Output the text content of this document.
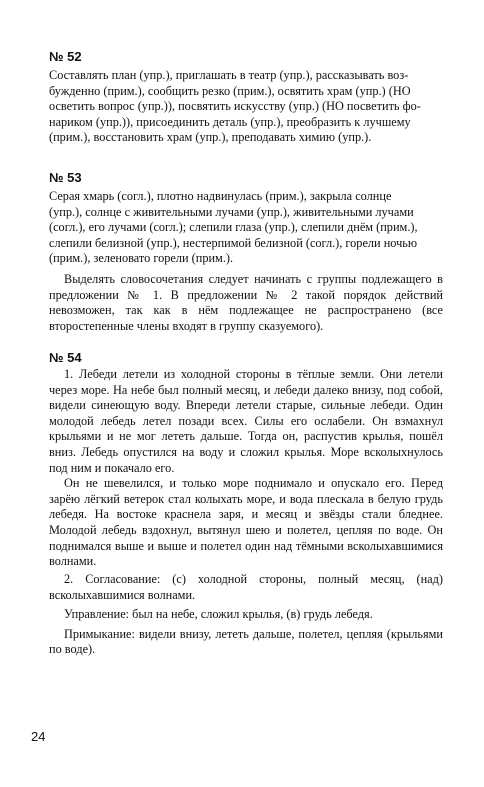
№ 52

Составлять план (упр.), приглашать в театр (упр.), рассказывать воз-

бужденно (прим.), сообщить резко (прим.), освятить храм (упр.) (НО

осветить вопрос (упр.)), посвятить искусству (упр.) (НО посветить фо-

нариком (упр.)), присоединить деталь (упр.), преобразить к лучшему

(прим.), восстановить храм (упр.), преподавать химию (упр.).

№ 53

Серая хмарь (согл.), плотно надвинулась (прим.), закрыла солнце

(упр.), солнце с живительными лучами (упр.), живительными лучами

(согл.), его лучами (согл.); слепили глаза (упр.), слепили днём (прим.),

слепили белизной (упр.), нестерпимой белизной (согл.), горели ночью

(прим.), зеленовато горели (прим.).

Выделять словосочетания следует начинать с группы подлежащего в предложении № 1. В предложении № 2 такой порядок действий невозможен, так как в нём подлежащее не распространено (все второстепенные члены входят в группу сказуемого).

№ 54

1. Лебеди летели из холодной стороны в тёплые земли. Они летели через море. На небе был полный месяц, и лебеди далеко внизу, под собой, видели синеющую воду. Впереди летели старые, сильные лебеди. Один молодой лебедь летел позади всех. Силы его ослабели. Он взмахнул крыльями и не мог лететь дальше. Тогда он, распустив крылья, пошёл вниз. Лебедь опустился на воду и сложил крылья. Море всколыхнулось под ним и покачало его.

Он не шевелился, и только море поднимало и опускало его. Перед зарёю лёгкий ветерок стал колыхать море, и вода плескала в белую грудь лебедя. На востоке краснела заря, и месяц и звёзды стали бледнее. Молодой лебедь вздохнул, вытянул шею и полетел, цепляя по воде. Он поднимался выше и выше и полетел один над тёмными всколыхавшимися волнами.

2. Согласование: (с) холодной стороны, полный месяц, (над) всколыхавшимися волнами.

Управление: был на небе, сложил крылья, (в) грудь лебедя.

Примыкание: видели внизу, лететь дальше, полетел, цепляя (крыльями по воде).

24
